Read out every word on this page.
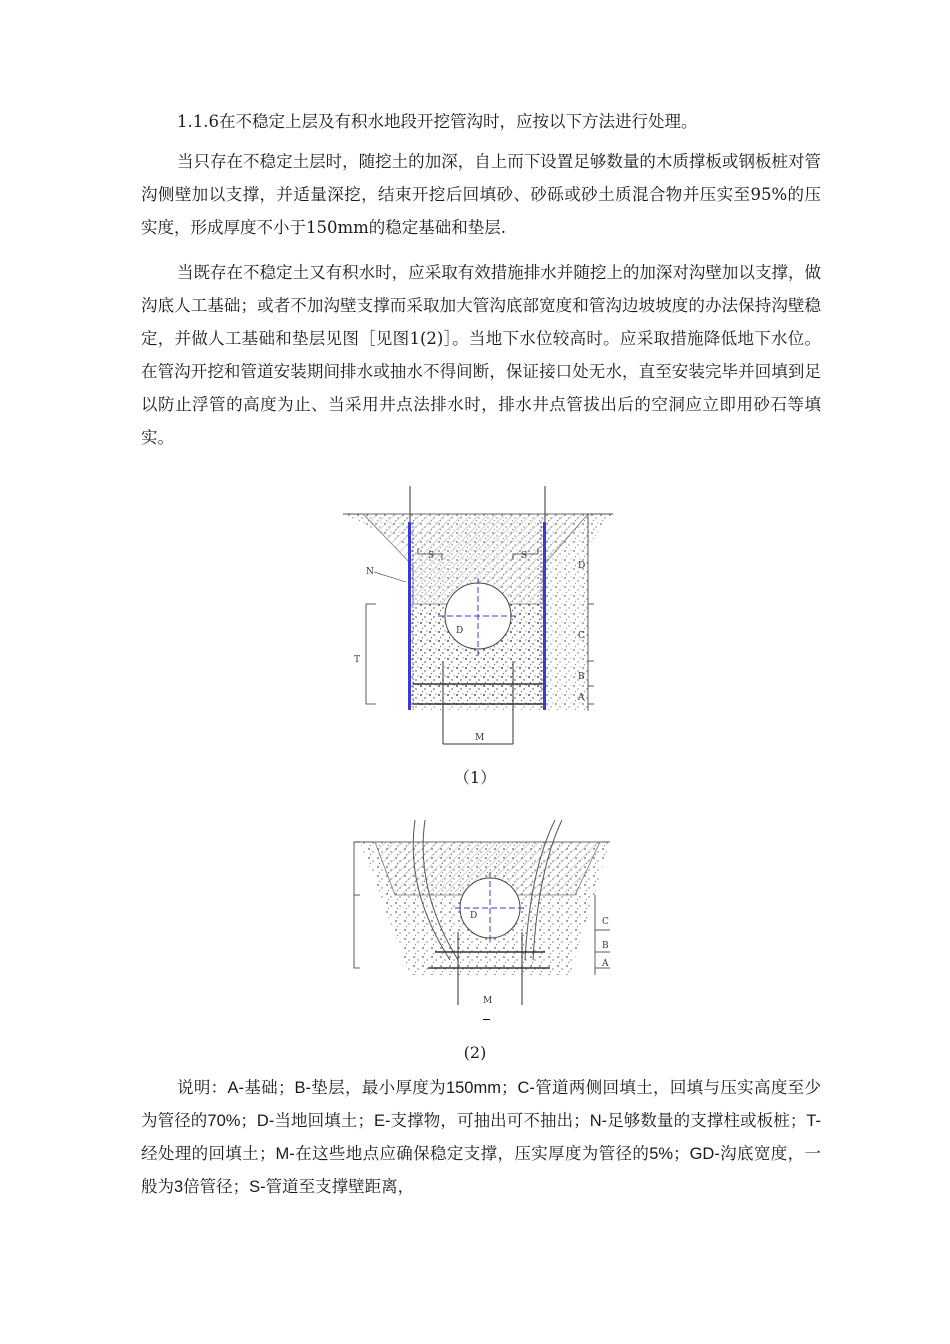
1.1.6在不稳定上层及有积水地段开挖管沟时，应按以下方法进行处理。

当只存在不稳定土层时，随挖土的加深，自上而下设置足够数量的木质撑板或钢板桩对管沟侧壁加以支撑，并适量深挖，结束开挖后回填砂、砂砾或砂土质混合物并压实至95%的压实度，形成厚度不小于150mm的稳定基础和垫层.

当既存在不稳定土又有积水时，应采取有效措施排水并随挖上的加深对沟壁加以支撑，做沟底人工基础；或者不加沟壁支撑而采取加大管沟底部宽度和管沟边坡坡度的办法保持沟壁稳定，并做人工基础和垫层见图［见图1(2)］。当地下水位较高时。应采取措施降低地下水位。在管沟开挖和管道安装期间排水或抽水不得间断，保证接口处无水，直至安装完毕并回填到足以防止浮管的高度为止、当采用井点法排水时，排水井点管拔出后的空洞应立即用砂石等填实。

S	S
N
D
C
B
A
T
M
D
（1）
C
B
A
M
D
(2)

说明：A-基础；B-垫层，最小厚度为150mm；C-管道两侧回填土，回填与压实高度至少为管径的70%；D-当地回填土；E-支撑物，可抽出可不抽出；N-足够数量的支撑柱或板桩；T-经处理的回填土；M-在这些地点应确保稳定支撑，压实厚度为管径的5%；GD-沟底宽度，一般为3倍管径；S-管道至支撑壁距离，
